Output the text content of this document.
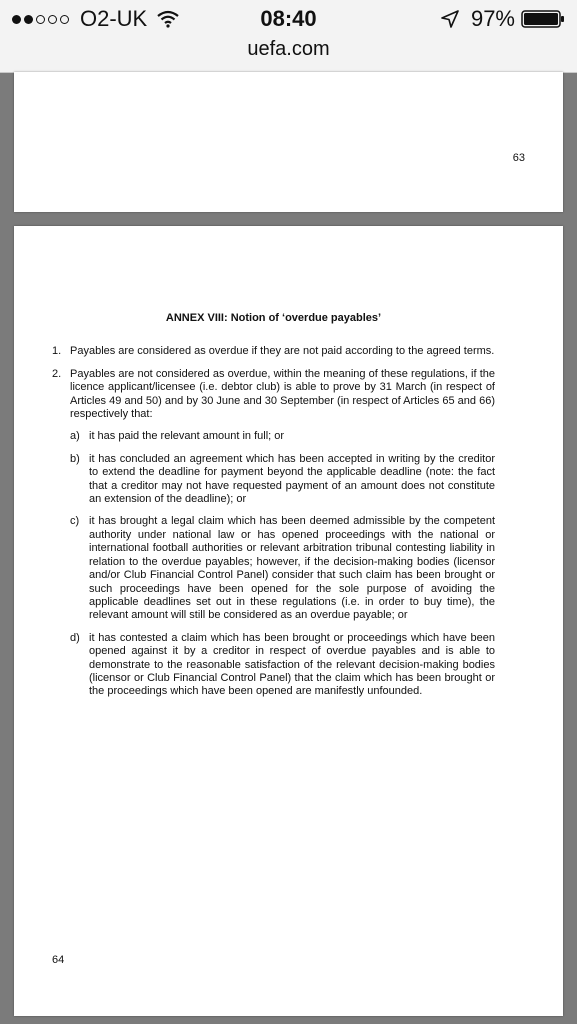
O2-UK	08:40	97%
uefa.com
63
ANNEX VIII: Notion of ‘overdue payables’
1. Payables are considered as overdue if they are not paid according to the agreed terms.
2. Payables are not considered as overdue, within the meaning of these regulations, if the licence applicant/licensee (i.e. debtor club) is able to prove by 31 March (in respect of Articles 49 and 50) and by 30 June and 30 September (in respect of Articles 65 and 66) respectively that:
a) it has paid the relevant amount in full; or
b) it has concluded an agreement which has been accepted in writing by the creditor to extend the deadline for payment beyond the applicable deadline (note: the fact that a creditor may not have requested payment of an amount does not constitute an extension of the deadline); or
c) it has brought a legal claim which has been deemed admissible by the competent authority under national law or has opened proceedings with the national or international football authorities or relevant arbitration tribunal contesting liability in relation to the overdue payables; however, if the decision-making bodies (licensor and/or Club Financial Control Panel) consider that such claim has been brought or such proceedings have been opened for the sole purpose of avoiding the applicable deadlines set out in these regulations (i.e. in order to buy time), the relevant amount will still be considered as an overdue payable; or
d) it has contested a claim which has been brought or proceedings which have been opened against it by a creditor in respect of overdue payables and is able to demonstrate to the reasonable satisfaction of the relevant decision-making bodies (licensor or Club Financial Control Panel) that the claim which has been brought or the proceedings which have been opened are manifestly unfounded.
64
